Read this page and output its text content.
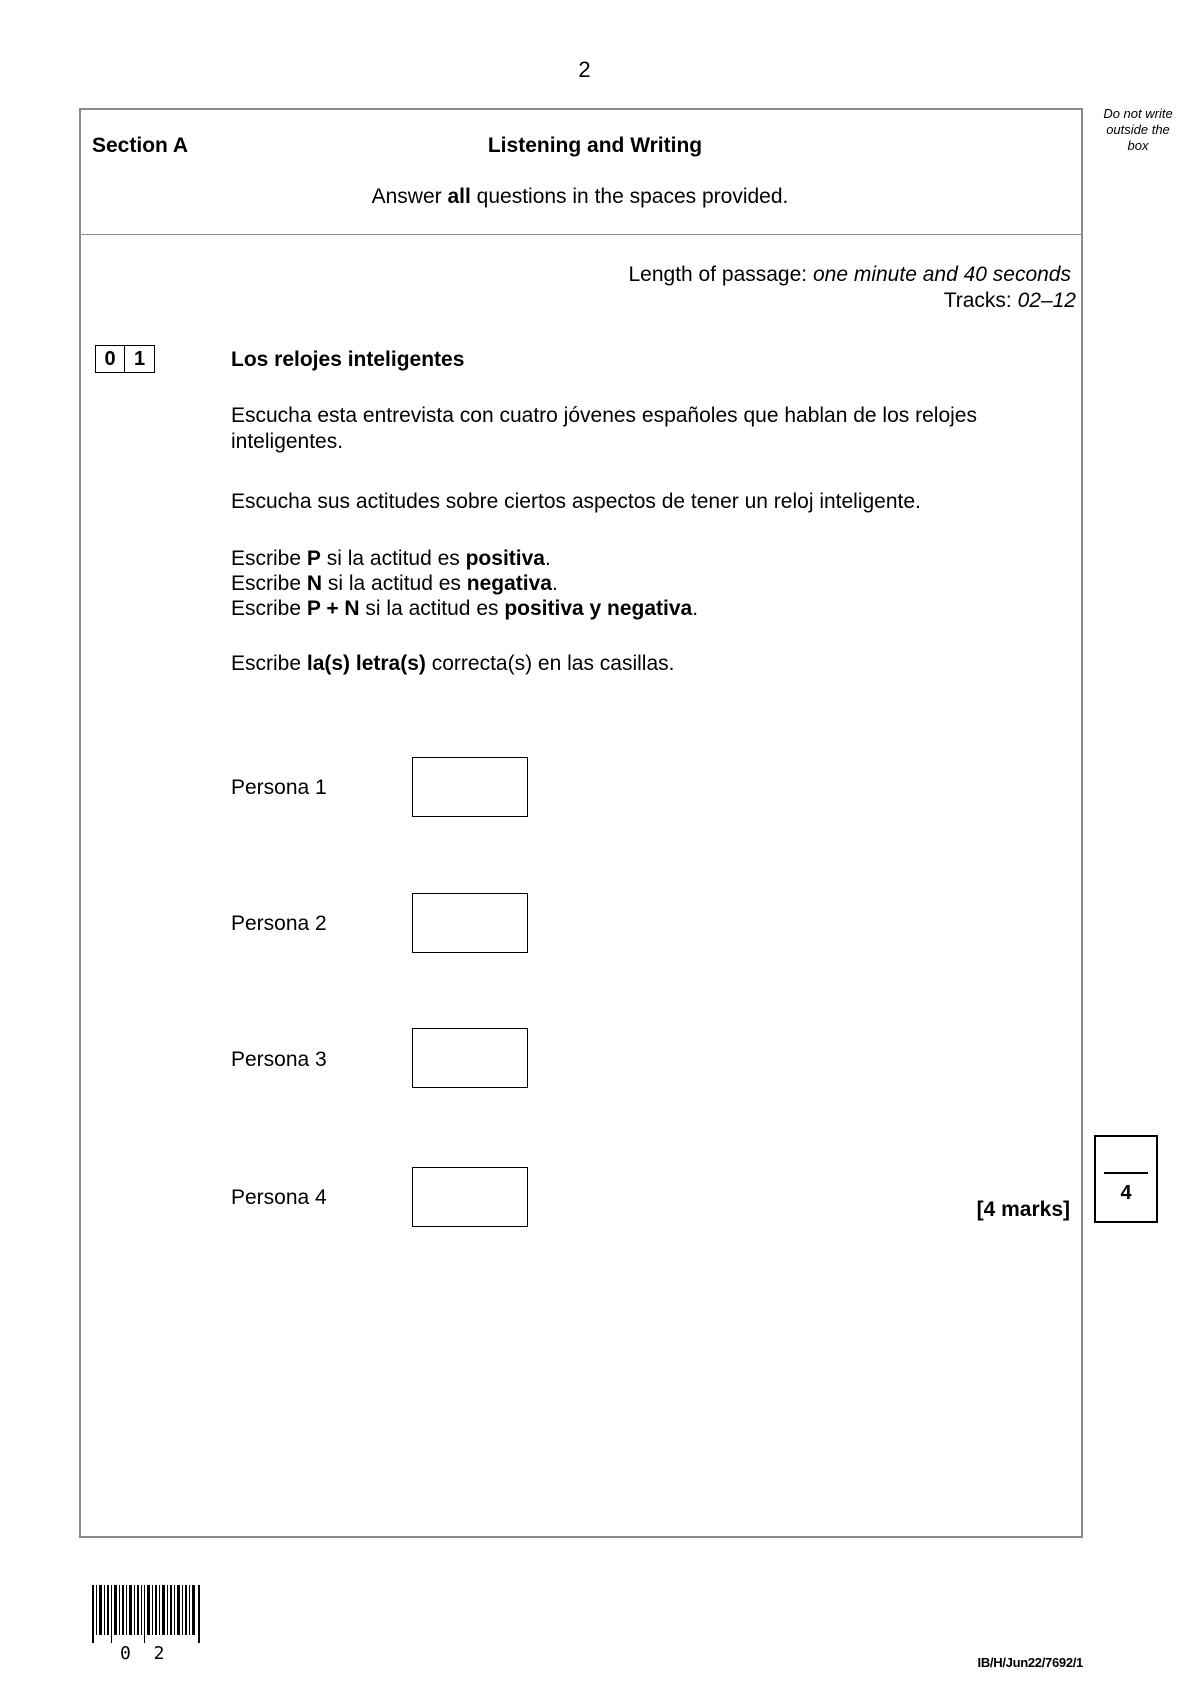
2
Do not write
outside the
box
Section A	Listening and Writing
Answer all questions in the spaces provided.
Length of passage: one minute and 40 seconds
Tracks: 02–12
0 1	Los relojes inteligentes
Escucha esta entrevista con cuatro jóvenes españoles que hablan de los relojes inteligentes.
Escucha sus actitudes sobre ciertos aspectos de tener un reloj inteligente.
Escribe P si la actitud es positiva.
Escribe N si la actitud es negativa.
Escribe P + N si la actitud es positiva y negativa.
Escribe la(s) letra(s) correcta(s) en las casillas.
Persona 1
Persona 2
Persona 3
Persona 4
[4 marks]
4
0 2	IB/H/Jun22/7692/1
